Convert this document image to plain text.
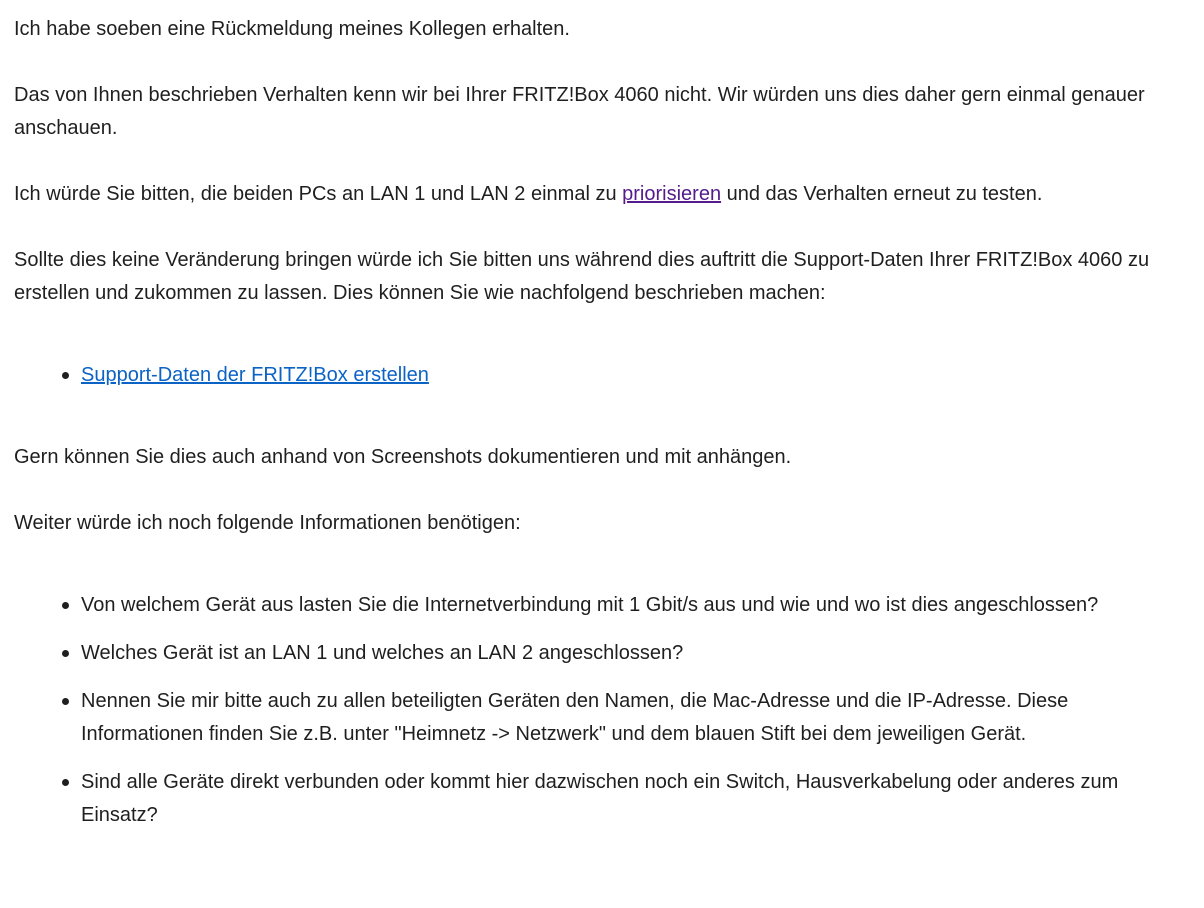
Ich habe soeben eine Rückmeldung meines Kollegen erhalten.

Das von Ihnen beschrieben Verhalten kenn wir bei Ihrer FRITZ!Box 4060 nicht. Wir würden uns dies daher gern einmal genauer anschauen.

Ich würde Sie bitten, die beiden PCs an LAN 1 und LAN 2 einmal zu priorisieren und das Verhalten erneut zu testen.

Sollte dies keine Veränderung bringen würde ich Sie bitten uns während dies auftritt die Support-Daten Ihrer FRITZ!Box 4060 zu erstellen und zukommen zu lassen. Dies können Sie wie nachfolgend beschrieben machen:

Support-Daten der FRITZ!Box erstellen

Gern können Sie dies auch anhand von Screenshots dokumentieren und mit anhängen.

Weiter würde ich noch folgende Informationen benötigen:

Von welchem Gerät aus lasten Sie die Internetverbindung mit 1 Gbit/s aus und wie und wo ist dies angeschlossen?
Welches Gerät ist an LAN 1 und welches an LAN 2 angeschlossen?
Nennen Sie mir bitte auch zu allen beteiligten Geräten den Namen, die Mac-Adresse und die IP-Adresse. Diese Informationen finden Sie z.B. unter "Heimnetz -> Netzwerk" und dem blauen Stift bei dem jeweiligen Gerät.
Sind alle Geräte direkt verbunden oder kommt hier dazwischen noch ein Switch, Hausverkabelung oder anderes zum Einsatz?
